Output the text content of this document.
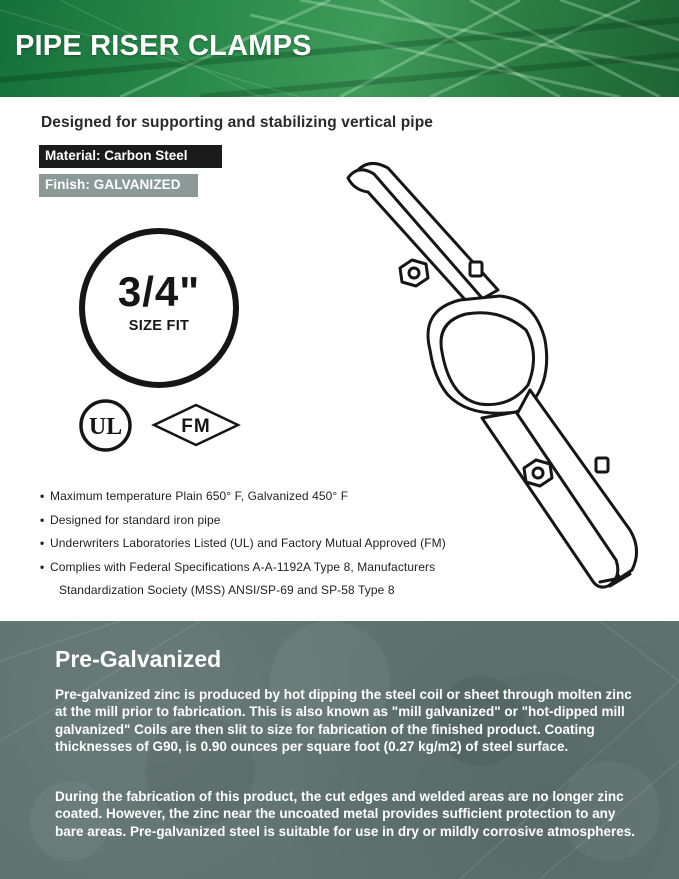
PIPE RISER CLAMPS
Designed for supporting and stabilizing vertical pipe
Material: Carbon Steel
Finish: GALVANIZED
3/4"
SIZE FIT
UL	FM
• Maximum temperature Plain 650° F, Galvanized 450° F
• Designed for standard iron pipe
• Underwriters Laboratories Listed (UL) and Factory Mutual Approved (FM)
• Complies with Federal Specifications A-A-1192A Type 8, Manufacturers
Standardization Society (MSS) ANSI/SP-69 and SP-58 Type 8
Pre-Galvanized
Pre-galvanized zinc is produced by hot dipping the steel coil or sheet through molten zinc at the mill prior to fabrication. This is also known as "mill galvanized" or "hot-dipped mill galvanized" Coils are then slit to size for fabrication of the finished product. Coating thicknesses of G90, is 0.90 ounces per square foot (0.27 kg/m2) of steel surface.
During the fabrication of this product, the cut edges and welded areas are no longer zinc coated. However, the zinc near the uncoated metal provides sufficient protection to any bare areas. Pre-galvanized steel is suitable for use in dry or mildly corrosive atmospheres.
